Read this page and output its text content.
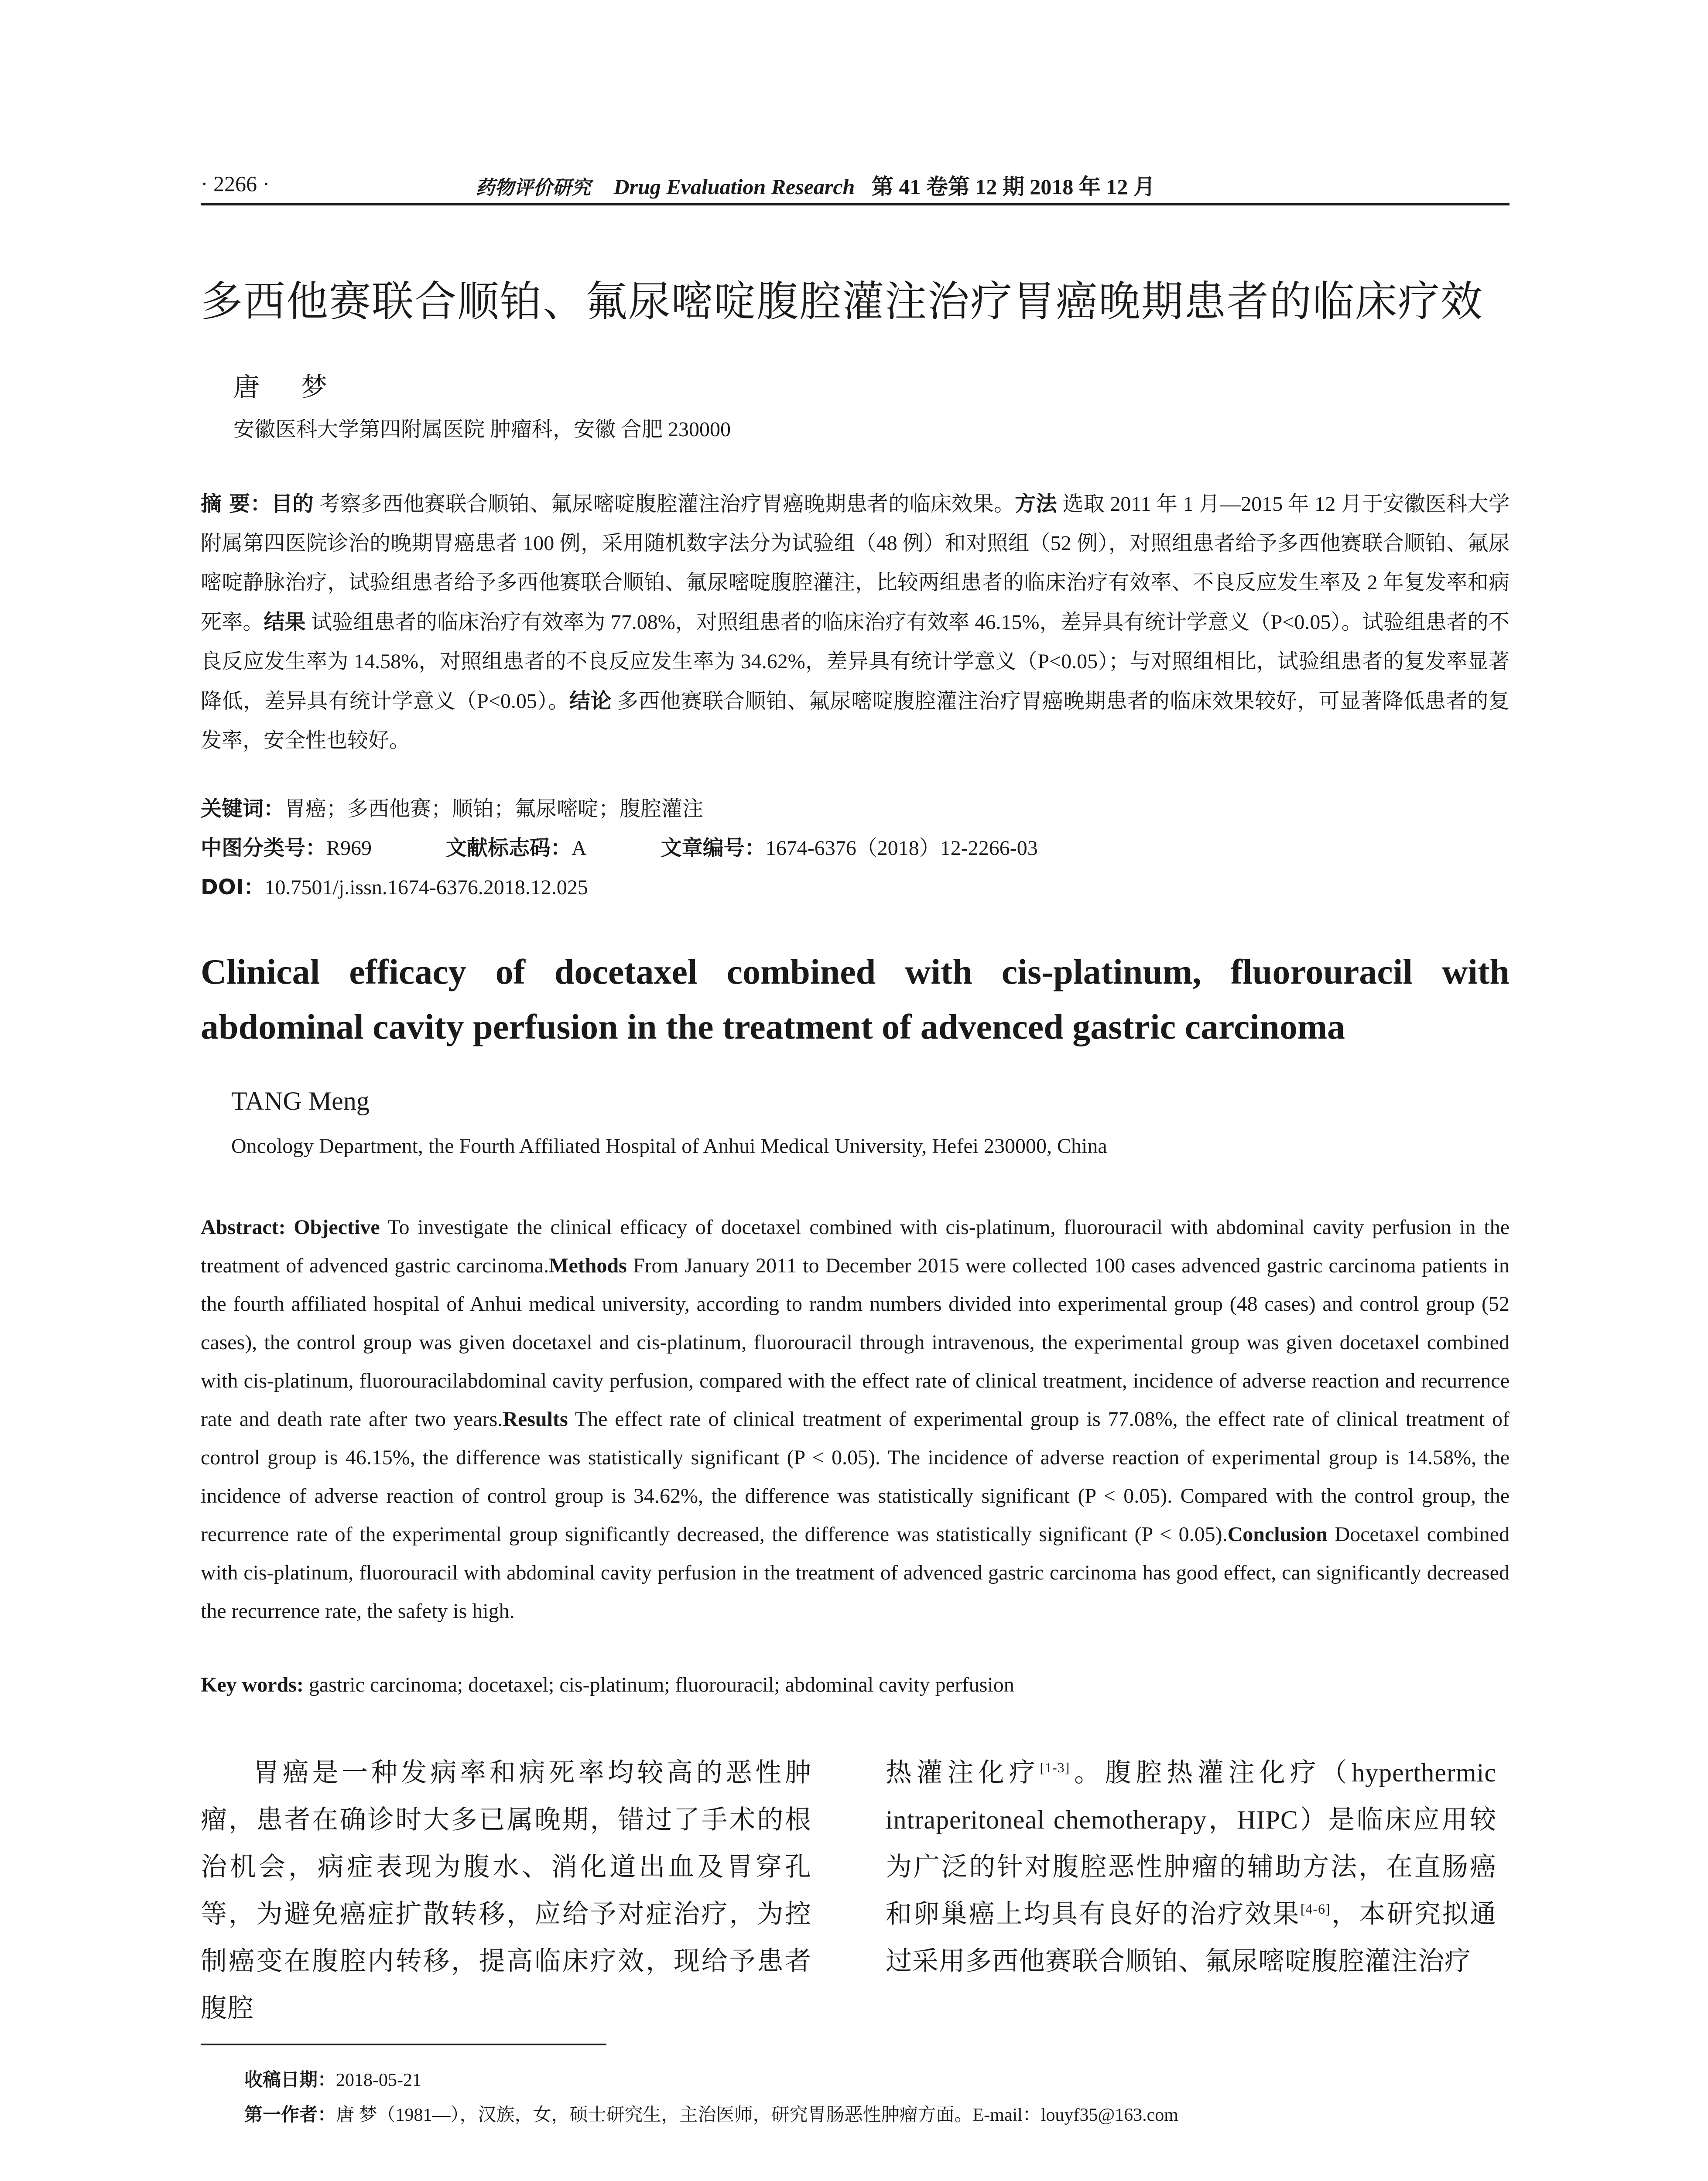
· 2266 ·	药物评价研究 Drug Evaluation Research 第 41 卷第 12 期 2018 年 12 月
多西他赛联合顺铂、氟尿嘧啶腹腔灌注治疗胃癌晚期患者的临床疗效
唐 梦
安徽医科大学第四附属医院 肿瘤科，安徽 合肥 230000
摘 要：目的 考察多西他赛联合顺铂、氟尿嘧啶腹腔灌注治疗胃癌晚期患者的临床效果。方法 选取 2011 年 1 月—2015 年 12 月于安徽医科大学附属第四医院诊治的晚期胃癌患者 100 例，采用随机数字法分为试验组（48 例）和对照组（52 例），对照组患者给予多西他赛联合顺铂、氟尿嘧啶静脉治疗，试验组患者给予多西他赛联合顺铂、氟尿嘧啶腹腔灌注，比较两组患者的临床治疗有效率、不良反应发生率及 2 年复发率和病死率。结果 试验组患者的临床治疗有效率为 77.08%，对照组患者的临床治疗有效率 46.15%，差异具有统计学意义（P<0.05）。试验组患者的不良反应发生率为 14.58%，对照组患者的不良反应发生率为 34.62%，差异具有统计学意义（P<0.05）；与对照组相比，试验组患者的复发率显著降低，差异具有统计学意义（P<0.05）。结论 多西他赛联合顺铂、氟尿嘧啶腹腔灌注治疗胃癌晚期患者的临床效果较好，可显著降低患者的复发率，安全性也较好。
关键词：胃癌；多西他赛；顺铂；氟尿嘧啶；腹腔灌注
中图分类号：R969	文献标志码：A	文章编号：1674-6376（2018）12-2266-03
DOI：10.7501/j.issn.1674-6376.2018.12.025
Clinical efficacy of docetaxel combined with cis-platinum, fluorouracil with abdominal cavity perfusion in the treatment of advenced gastric carcinoma
TANG Meng
Oncology Department, the Fourth Affiliated Hospital of Anhui Medical University, Hefei 230000, China
Abstract: Objective To investigate the clinical efficacy of docetaxel combined with cis-platinum, fluorouracil with abdominal cavity perfusion in the treatment of advenced gastric carcinoma.Methods From January 2011 to December 2015 were collected 100 cases advenced gastric carcinoma patients in the fourth affiliated hospital of Anhui medical university, according to randm numbers divided into experimental group (48 cases) and control group (52 cases), the control group was given docetaxel and cis-platinum, fluorouracil through intravenous, the experimental group was given docetaxel combined with cis-platinum, fluorouracilabdominal cavity perfusion, compared with the effect rate of clinical treatment, incidence of adverse reaction and recurrence rate and death rate after two years.Results The effect rate of clinical treatment of experimental group is 77.08%, the effect rate of clinical treatment of control group is 46.15%, the difference was statistically significant (P < 0.05). The incidence of adverse reaction of experimental group is 14.58%, the incidence of adverse reaction of control group is 34.62%, the difference was statistically significant (P < 0.05). Compared with the control group, the recurrence rate of the experimental group significantly decreased, the difference was statistically significant (P < 0.05).Conclusion Docetaxel combined with cis-platinum, fluorouracil with abdominal cavity perfusion in the treatment of advenced gastric carcinoma has good effect, can significantly decreased the recurrence rate, the safety is high.
Key words: gastric carcinoma; docetaxel; cis-platinum; fluorouracil; abdominal cavity perfusion
胃癌是一种发病率和病死率均较高的恶性肿瘤，患者在确诊时大多已属晚期，错过了手术的根治机会，病症表现为腹水、消化道出血及胃穿孔等，为避免癌症扩散转移，应给予对症治疗，为控制癌变在腹腔内转移，提高临床疗效，现给予患者腹腔
热灌注化疗[1-3]。腹腔热灌注化疗（hyperthermic intraperitoneal chemotherapy，HIPC）是临床应用较为广泛的针对腹腔恶性肿瘤的辅助方法，在直肠癌和卵巢癌上均具有良好的治疗效果[4-6]，本研究拟通过采用多西他赛联合顺铂、氟尿嘧啶腹腔灌注治疗
收稿日期：2018-05-21
第一作者：唐 梦（1981—），汉族，女，硕士研究生，主治医师，研究胃肠恶性肿瘤方面。E-mail：louyf35@163.com
